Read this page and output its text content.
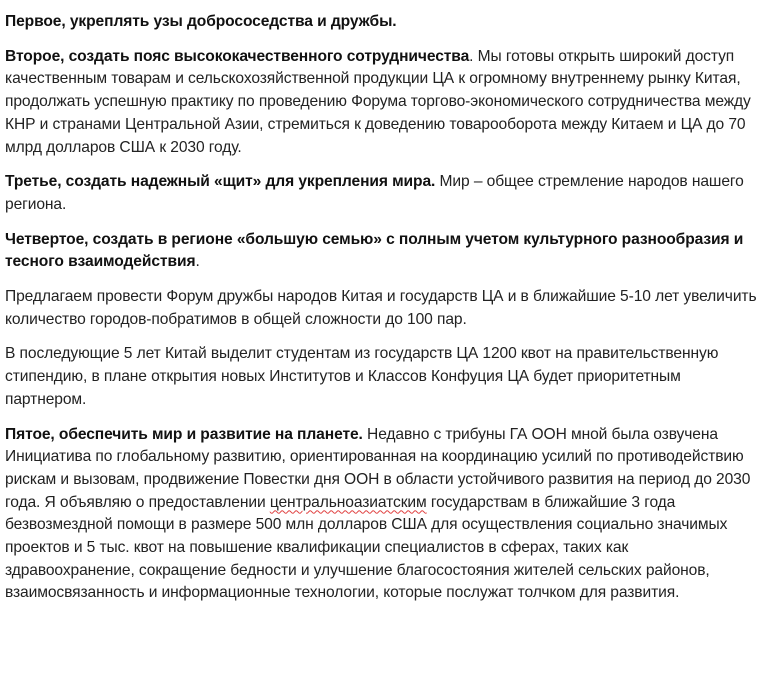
Первое, укреплять узы добрососедства и дружбы.

Второе, создать пояс высококачественного сотрудничества. Мы готовы открыть широкий доступ качественным товарам и сельскохозяйственной продукции ЦА к огромному внутреннему рынку Китая, продолжать успешную практику по проведению Форума торгово-экономического сотрудничества между КНР и странами Центральной Азии, стремиться к доведению товарооборота между Китаем и ЦА до 70 млрд долларов США к 2030 году.

Третье, создать надежный «щит» для укрепления мира. Мир – общее стремление народов нашего региона.

Четвертое, создать в регионе «большую семью» с полным учетом культурного разнообразия и тесного взаимодействия.

Предлагаем провести Форум дружбы народов Китая и государств ЦА и в ближайшие 5-10 лет увеличить количество городов-побратимов в общей сложности до 100 пар.

В последующие 5 лет Китай выделит студентам из государств ЦА 1200 квот на правительственную стипендию, в плане открытия новых Институтов и Классов Конфуция ЦА будет приоритетным партнером.

Пятое, обеспечить мир и развитие на планете. Недавно с трибуны ГА ООН мной была озвучена Инициатива по глобальному развитию, ориентированная на координацию усилий по противодействию рискам и вызовам, продвижение Повестки дня ООН в области устойчивого развития на период до 2030 года. Я объявляю о предоставлении центральноазиатским государствам в ближайшие 3 года безвозмездной помощи в размере 500 млн долларов США для осуществления социально значимых проектов и 5 тыс. квот на повышение квалификации специалистов в сферах, таких как здравоохранение, сокращение бедности и улучшение благосостояния жителей сельских районов, взаимосвязанность и информационные технологии, которые послужат толчком для развития.
